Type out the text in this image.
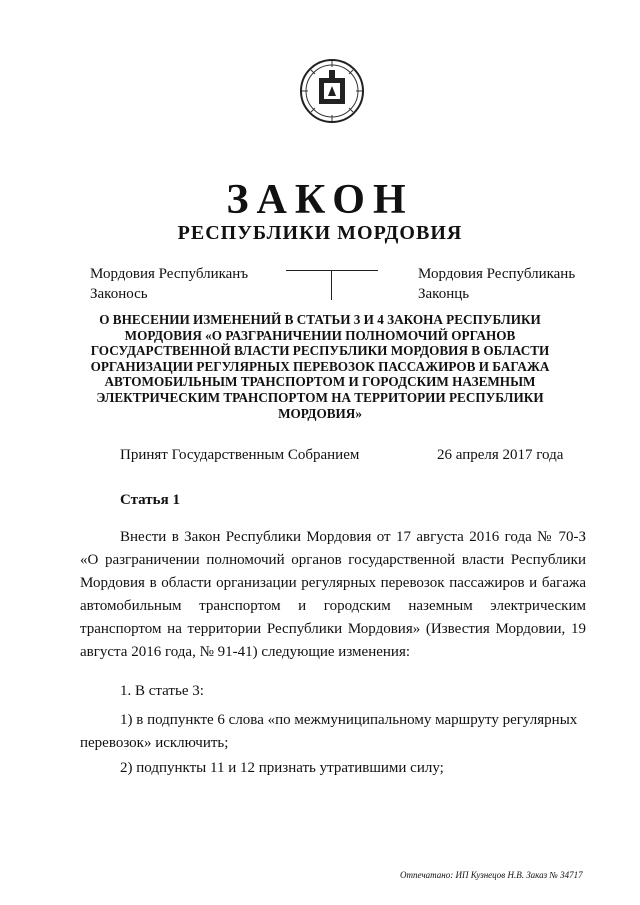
ЗАКОН
РЕСПУБЛИКИ МОРДОВИЯ
Мордовия Республиканъ
Законось
Мордовия Республикань
Законць
О ВНЕСЕНИИ ИЗМЕНЕНИЙ В СТАТЬИ 3 И 4 ЗАКОНА РЕСПУБЛИКИ МОРДОВИЯ «О РАЗГРАНИЧЕНИИ ПОЛНОМОЧИЙ ОРГАНОВ ГОСУДАРСТВЕННОЙ ВЛАСТИ РЕСПУБЛИКИ МОРДОВИЯ В ОБЛАСТИ ОРГАНИЗАЦИИ РЕГУЛЯРНЫХ ПЕРЕВОЗОК ПАССАЖИРОВ И БАГАЖА АВТОМОБИЛЬНЫМ ТРАНСПОРТОМ И ГОРОДСКИМ НАЗЕМНЫМ ЭЛЕКТРИЧЕСКИМ ТРАНСПОРТОМ НА ТЕРРИТОРИИ РЕСПУБЛИКИ МОРДОВИЯ»
Принят Государственным Собранием	26 апреля 2017 года
Статья 1
Внести в Закон Республики Мордовия от 17 августа 2016 года № 70-З «О разграничении полномочий органов государственной власти Республики Мордовия в области организации регулярных перевозок пассажиров и багажа автомобильным транспортом и городским наземным электрическим транспортом на территории Республики Мордовия» (Известия Мордовии, 19 августа 2016 года, № 91-41) следующие изменения:
1. В статье 3:
1) в подпункте 6 слова «по межмуниципальному маршруту регулярных перевозок» исключить;
2) подпункты 11 и 12 признать утратившими силу;
Отпечатано: ИП Кузнецов Н.В. Заказ № 34717
